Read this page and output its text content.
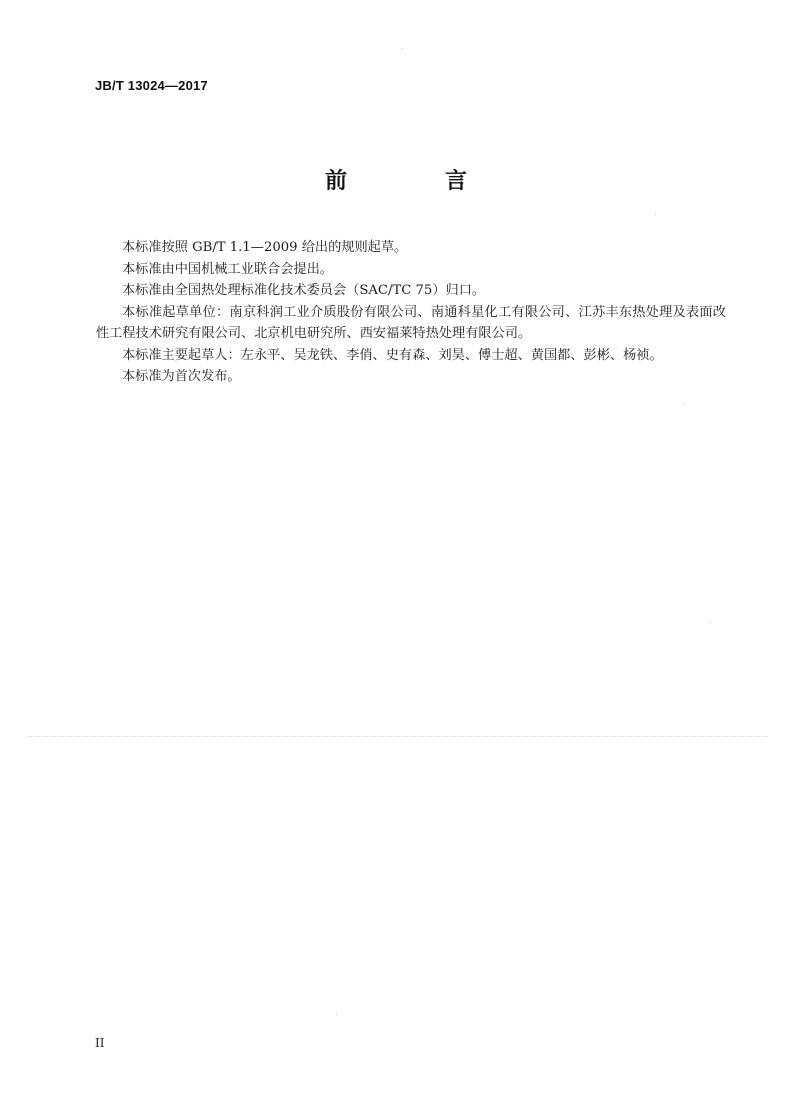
JB/T 13024—2017
前　言

本标准按照 GB/T 1.1—2009 给出的规则起草。

本标准由中国机械工业联合会提出。

本标准由全国热处理标准化技术委员会（SAC/TC 75）归口。

本标准起草单位：南京科润工业介质股份有限公司、南通科星化工有限公司、江苏丰东热处理及表面改性工程技术研究有限公司、北京机电研究所、西安福莱特热处理有限公司。

本标准主要起草人：左永平、吴龙铁、李俏、史有森、刘昊、傅士超、黄国都、彭彬、杨祯。

本标准为首次发布。

II
